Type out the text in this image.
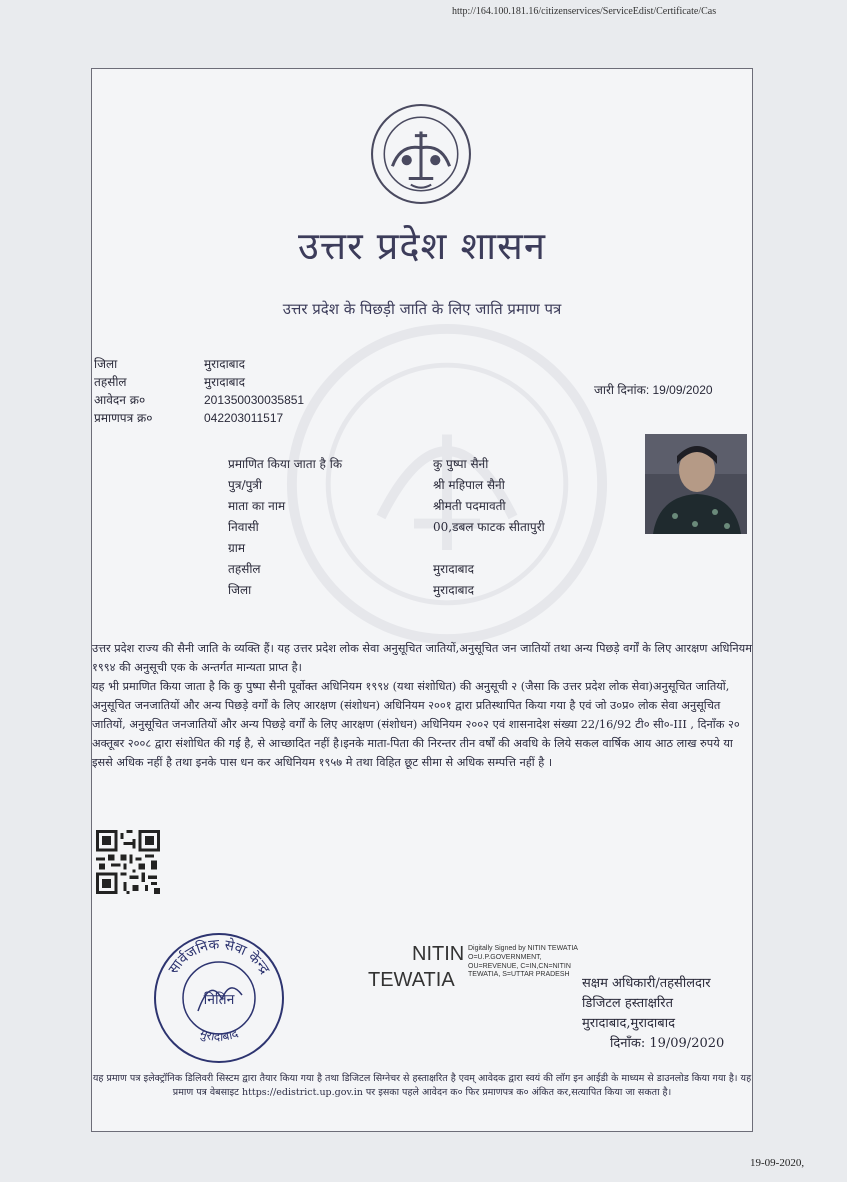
http://164.100.181.16/citizenservices/ServiceEdist/Certificate/Cas
उत्तर प्रदेश शासन
उत्तर प्रदेश के पिछड़ी जाति के लिए जाति प्रमाण पत्र
जिला	मुरादाबाद
तहसील	मुरादाबाद
आवेदन क्र०	201350030035851
प्रमाणपत्र क्र०	042203011517
जारी दिनांक: 19/09/2020
प्रमाणित किया जाता है कि	कु पुष्पा सैनी
पुत्र/पुत्री	श्री महिपाल सैनी
माता का नाम	श्रीमती पदमावती
निवासी	00,डबल फाटक सीतापुरी
ग्राम
तहसील	मुरादाबाद
जिला	मुरादाबाद

उत्तर प्रदेश राज्य की सैनी जाति के व्यक्ति हैं। यह उत्तर प्रदेश लोक सेवा अनुसूचित जातियों,अनुसूचित जन जातियों तथा अन्य पिछड़े वर्गों के लिए आरक्षण अधिनियम १९९४ की अनुसूची एक के अन्तर्गत मान्यता प्राप्त है।

यह भी प्रमाणित किया जाता है कि कु पुष्पा सैनी पूर्वोक्त अधिनियम १९९४ (यथा संशोधित) की अनुसूची २ (जैसा कि उत्तर प्रदेश लोक सेवा)अनुसूचित जातियों, अनुसूचित जनजातियों और अन्य पिछड़े वर्गों के लिए आरक्षण (संशोधन) अधिनियम २००१ द्वारा प्रतिस्थापित किया गया है एवं जो उ०प्र० लोक सेवा अनुसूचित जातियों, अनुसूचित जनजातियों और अन्य पिछड़े वर्गों के लिए आरक्षण (संशोधन) अधिनियम २००२ एवं शासनादेश संख्या 22/16/92 टी० सी०-III , दिनाँक २० अक्तूबर २००८ द्वारा संशोधित की गई है, से आच्छादित नहीं है।इनके माता-पिता की निरन्तर तीन वर्षों की अवधि के लिये सकल वार्षिक आय आठ लाख रुपये या इससे अधिक नहीं है तथा इनके पास धन कर अधिनियम १९५७ मे तथा विहित छूट सीमा से अधिक सम्पत्ति नहीं है ।

सार्वजनिक सेवा केन्द्र
मुरादाबाद
नितिन
NITIN
TEWATIA
Digitally Signed by NITIN TEWATIA O=U.P.GOVERNMENT, OU=REVENUE, C=IN,CN=NITIN TEWATIA, S=UTTAR PRADESH
सक्षम अधिकारी/तहसीलदार
डिजिटल हस्ताक्षरित
मुरादाबाद,मुरादाबाद
दिनाँक: 19/09/2020
यह प्रमाण पत्र इलेक्ट्रॉनिक डिलिवरी सिस्टम द्वारा तैयार किया गया है तथा डिजिटल सिग्नेचर से हस्ताक्षरित है एवम् आवेदक द्वारा स्वयं की लॉग इन आई‍डी के माध्यम से डाउनलोड किया गया है। यह प्रमाण पत्र वेबसाइट https://edistrict.up.gov.in पर इसका पहले आवेदन क० फिर प्रमाणपत्र क० अंकित कर,सत्यापित किया जा सकता है।
19-09-2020,
